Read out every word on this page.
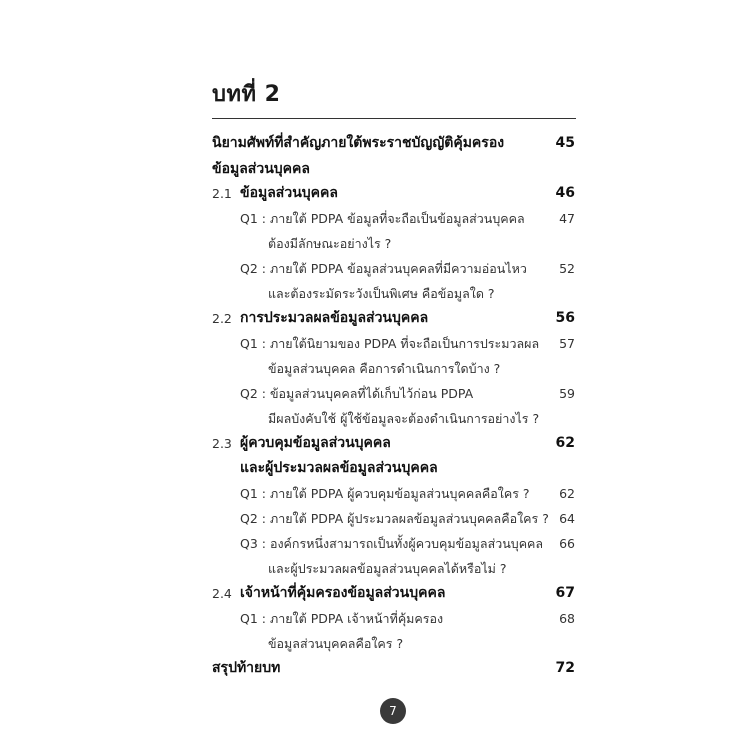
บทที่ 2
นิยามศัพท์ที่สำคัญภายใต้พระราชบัญญัติคุ้มครอง	45
ข้อมูลส่วนบุคคล
2.1 ข้อมูลส่วนบุคคล	46
Q1 : ภายใต้ PDPA ข้อมูลที่จะถือเป็นข้อมูลส่วนบุคคล	47
ต้องมีลักษณะอย่างไร ?
Q2 : ภายใต้ PDPA ข้อมูลส่วนบุคคลที่มีความอ่อนไหว	52
และต้องระมัดระวังเป็นพิเศษ คือข้อมูลใด ?
2.2 การประมวลผลข้อมูลส่วนบุคคล	56
Q1 : ภายใต้นิยามของ PDPA ที่จะถือเป็นการประมวลผล 57
ข้อมูลส่วนบุคคล คือการดำเนินการใดบ้าง ?
Q2 : ข้อมูลส่วนบุคคลที่ได้เก็บไว้ก่อน PDPA	59
มีผลบังคับใช้ ผู้ใช้ข้อมูลจะต้องดำเนินการอย่างไร ?
2.3 ผู้ควบคุมข้อมูลส่วนบุคคล	62
และผู้ประมวลผลข้อมูลส่วนบุคคล
Q1 : ภายใต้ PDPA ผู้ควบคุมข้อมูลส่วนบุคคลคือใคร ? 62
Q2 : ภายใต้ PDPA ผู้ประมวลผลข้อมูลส่วนบุคคลคือใคร ? 64
Q3 : องค์กรหนึ่งสามารถเป็นทั้งผู้ควบคุมข้อมูลส่วนบุคคล 66
และผู้ประมวลผลข้อมูลส่วนบุคคลได้หรือไม่ ?
2.4 เจ้าหน้าที่คุ้มครองข้อมูลส่วนบุคคล	67
Q1 : ภายใต้ PDPA เจ้าหน้าที่คุ้มครอง	68
ข้อมูลส่วนบุคคลคือใคร ?
สรุปท้ายบท	72
7
